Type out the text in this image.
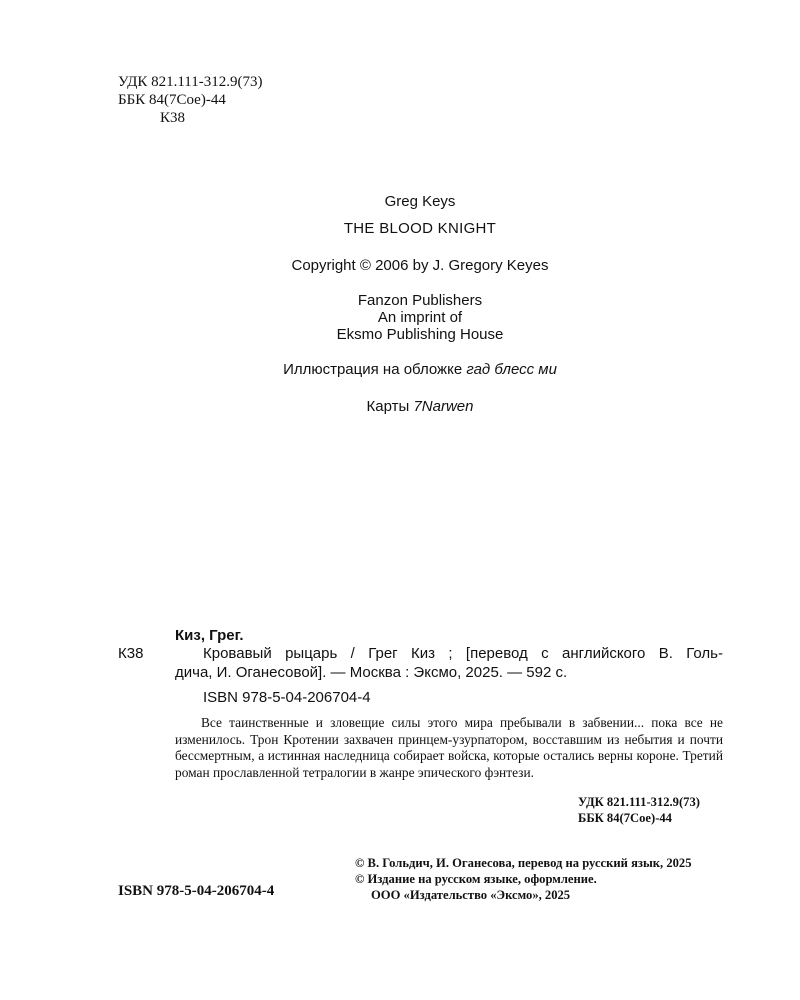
УДК 821.111-312.9(73)
ББК 84(7Сое)-44
К38
Greg Keys
THE BLOOD KNIGHT
Copyright © 2006 by J. Gregory Keyes
Fanzon Publishers
An imprint of
Eksmo Publishing House
Иллюстрация на обложке гад блесс ми
Карты 7Narwen
Киз, Грег.
К38	Кровавый рыцарь / Грег Киз ; [перевод с английского В. Голь-
дича, И. Оганесовой]. — Москва : Эксмо, 2025. — 592 с.
ISBN 978-5-04-206704-4

Все таинственные и зловещие силы этого мира пребывали в забвении... пока все не изменилось. Трон Кротении захвачен принцем-узурпатором, восставшим из небытия и почти бессмертным, а истинная наследница собирает войска, которые остались верны короне. Третий роман прославленной тетралогии в жанре эпического фэнтези.

УДК 821.111-312.9(73)
ББК 84(7Сое)-44
ISBN 978-5-04-206704-4
© В. Гольдич, И. Оганесова, перевод на русский язык, 2025
© Издание на русском языке, оформление.
ООО «Издательство «Эксмо», 2025
